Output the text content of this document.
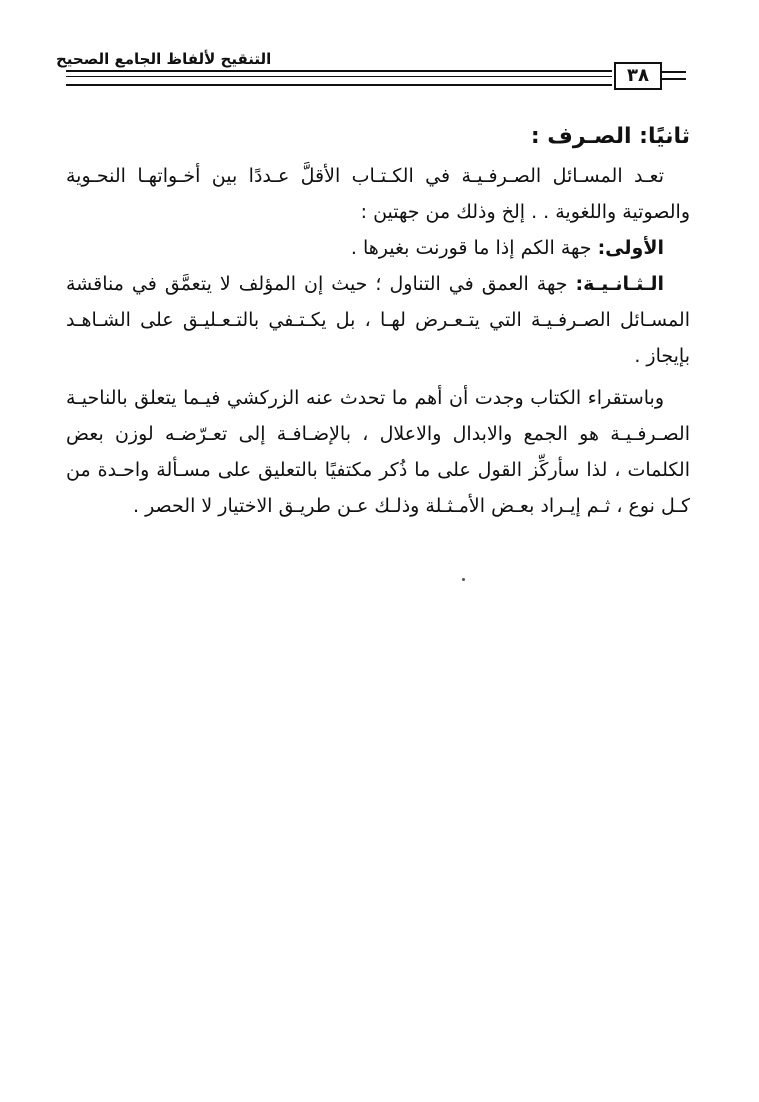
التنقيح لألفاظ الجامع الصحيح
٣٨
ثانيًا: الصـرف :

تعـد المسـائل الصـرفـيـة في الكـتـاب الأقلَّ عـددًا بين أخـواتهـا النحـوية والصوتية واللغوية . . إلخ وذلك من جهتين :

الأولى: جهة الكم إذا ما قورنت بغيرها .

الـثـانـيـة: جهة العمق في التناول ؛ حيث إن المؤلف لا يتعمَّق في مناقشة المسـائل الصـرفـيـة التي يتـعـرض لهـا ، بل يكـتـفي بالتـعـليـق على الشـاهـد بإيجاز .

وباستقراء الكتاب وجدت أن أهم ما تحدث عنه الزركشي فيـما يتعلق بالناحيـة الصـرفـيـة هو الجمع والابدال والاعلال ، بالإضـافـة إلى تعـرّضـه لوزن بعض الكلمات ، لذا سأركِّز القول على ما ذُكر مكتفيًا بالتعليق على مسـألة واحـدة من كـل نوع ، ثـم إيـراد بعـض الأمـثـلة وذلـك عـن طريـق الاختيار لا الحصر .
